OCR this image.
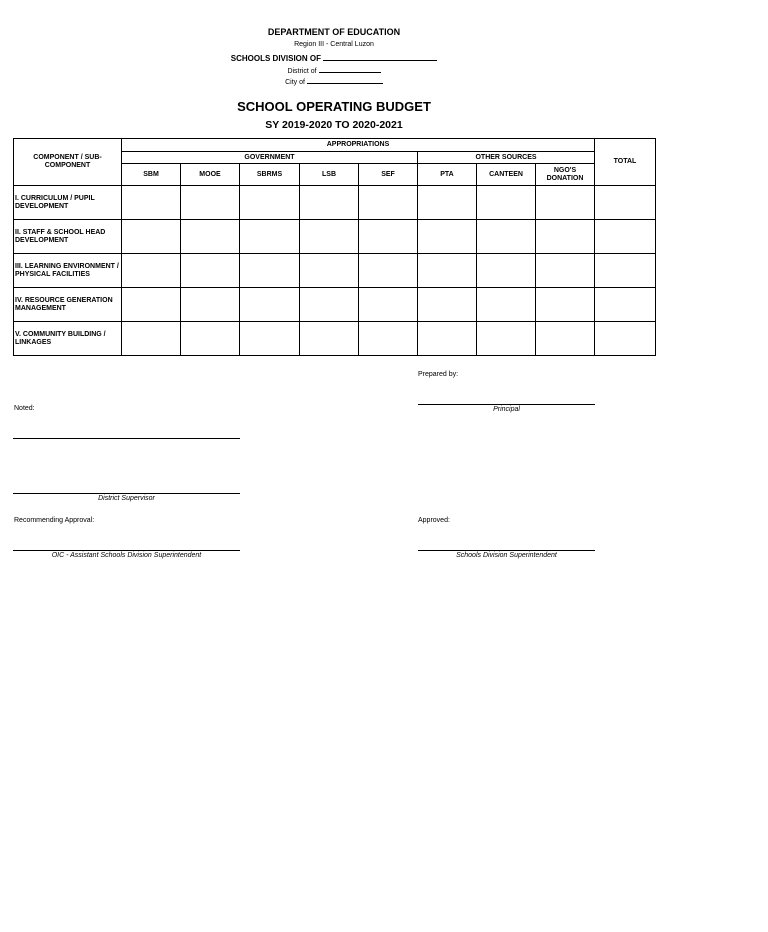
DEPARTMENT OF EDUCATION
Region III - Central Luzon
SCHOOLS DIVISION OF
District of
City of
SCHOOL OPERATING BUDGET
SY 2019-2020 TO 2020-2021
COMPONENT / SUB-COMPONENT	APPROPRIATIONS								TOTAL
	GOVERNMENT					OTHER SOURCES			
	SBM	MOOE	SBRMS	LSB	SEF	PTA	CANTEEN	NGO'S DONATION	
I. CURRICULUM / PUPIL DEVELOPMENT									
II. STAFF & SCHOOL HEAD DEVELOPMENT									
III. LEARNING ENVIRONMENT / PHYSICAL FACILITIES									
IV. RESOURCE GENERATION MANAGEMENT									
V. COMMUNITY BUILDING / LINKAGES									
Prepared by:
Principal
Noted:
District Supervisor
Recommending Approval:
OIC - Assistant Schools Division Superintendent
Approved:
Schools Division Superintendent
